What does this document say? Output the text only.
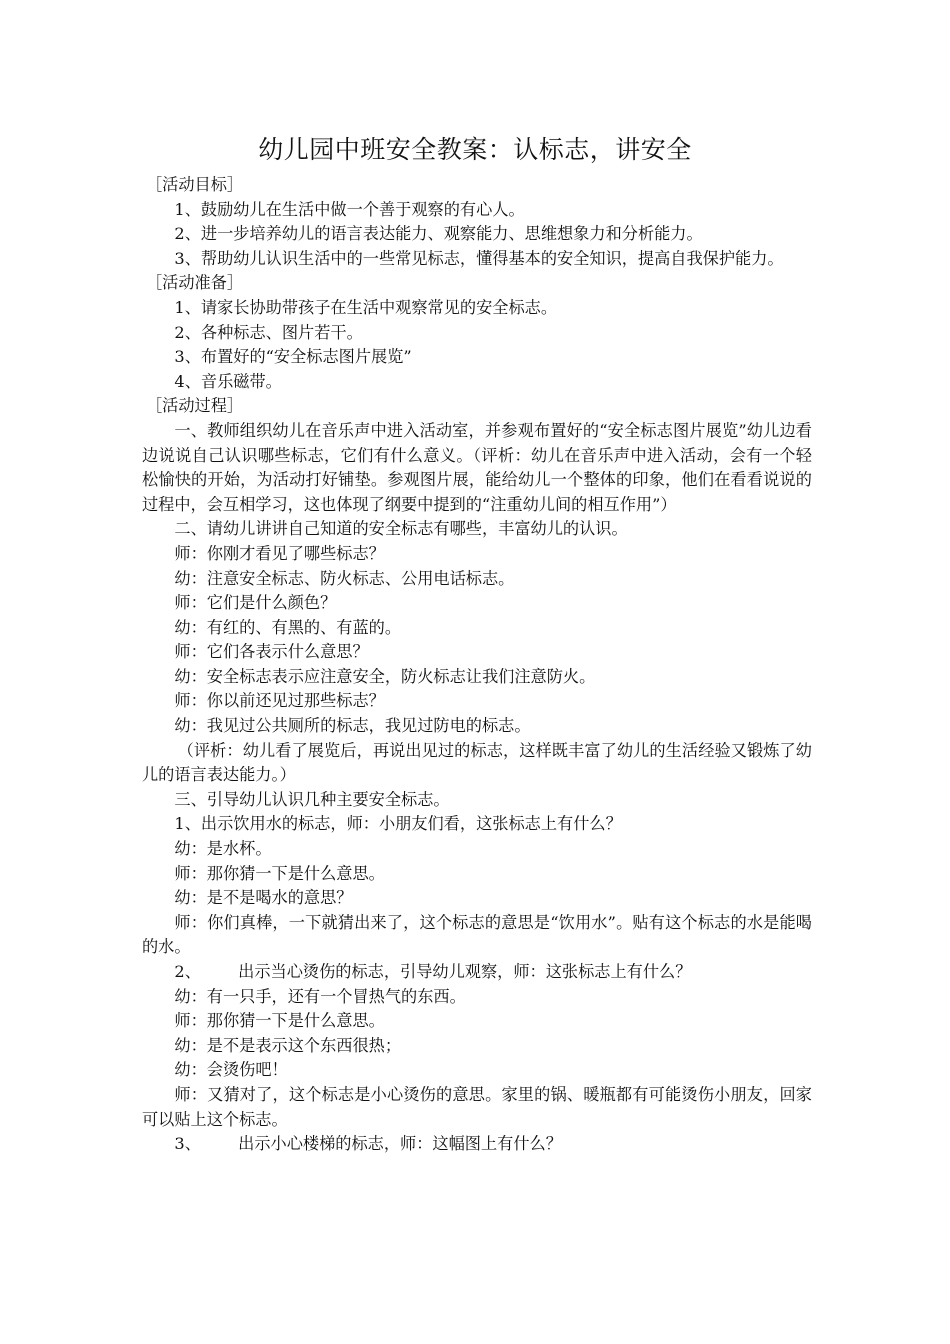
幼儿园中班安全教案：认标志，讲安全

［活动目标］

1、鼓励幼儿在生活中做一个善于观察的有心人。

2、进一步培养幼儿的语言表达能力、观察能力、思维想象力和分析能力。

3、帮助幼儿认识生活中的一些常见标志，懂得基本的安全知识，提高自我保护能力。

［活动准备］

1、请家长协助带孩子在生活中观察常见的安全标志。

2、各种标志、图片若干。

3、布置好的“安全标志图片展览”

4、音乐磁带。

［活动过程］

一、教师组织幼儿在音乐声中进入活动室，并参观布置好的“安全标志图片展览”幼儿边看边说说自己认识哪些标志，它们有什么意义。（评析：幼儿在音乐声中进入活动，会有一个轻松愉快的开始，为活动打好铺垫。参观图片展，能给幼儿一个整体的印象，他们在看看说说的过程中，会互相学习，这也体现了纲要中提到的“注重幼儿间的相互作用”）

二、请幼儿讲讲自己知道的安全标志有哪些，丰富幼儿的认识。

师：你刚才看见了哪些标志？

幼：注意安全标志、防火标志、公用电话标志。

师：它们是什么颜色？

幼：有红的、有黑的、有蓝的。

师：它们各表示什么意思？

幼：安全标志表示应注意安全，防火标志让我们注意防火。

师：你以前还见过那些标志？

幼：我见过公共厕所的标志，我见过防电的标志。

（评析：幼儿看了展览后，再说出见过的标志，这样既丰富了幼儿的生活经验又锻炼了幼儿的语言表达能力。）

三、引导幼儿认识几种主要安全标志。

1、出示饮用水的标志，师：小朋友们看，这张标志上有什么？

幼：是水杯。

师：那你猜一下是什么意思。

幼：是不是喝水的意思？

师：你们真棒，一下就猜出来了，这个标志的意思是“饮用水”。贴有这个标志的水是能喝的水。

2、 出示当心烫伤的标志，引导幼儿观察，师：这张标志上有什么？

幼：有一只手，还有一个冒热气的东西。

师：那你猜一下是什么意思。

幼：是不是表示这个东西很热；

幼：会烫伤吧！

师：又猜对了，这个标志是小心烫伤的意思。家里的锅、暖瓶都有可能烫伤小朋友，回家可以贴上这个标志。

3、 出示小心楼梯的标志，师：这幅图上有什么？
